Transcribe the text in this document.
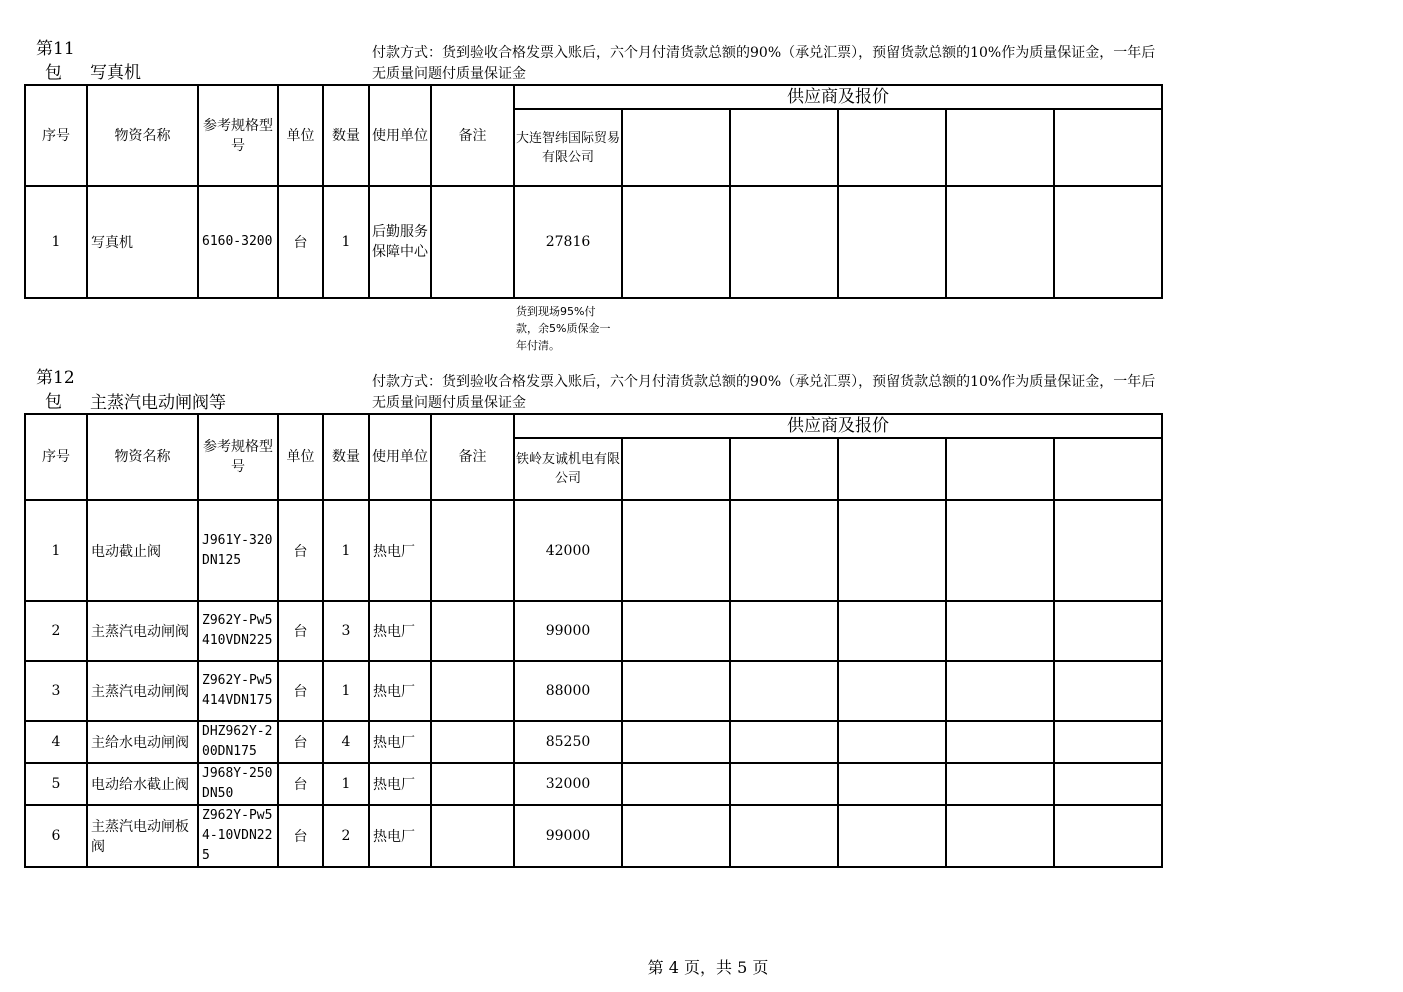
第11
包	写真机
付款方式：货到验收合格发票入账后，六个月付清货款总额的90%（承兑汇票），预留货款总额的10%作为质量保证金，一年后无质量问题付质量保证金
序号	物资名称	参考规格型号	单位	数量	使用单位	备注	供应商及报价					
							大连智纬国际贸易有限公司					
1	写真机	6160-3200	台	1	后勤服务保障中心		27816					
货到现场95%付款，余5%质保金一年付清。
第12
包	主蒸汽电动闸阀等
付款方式：货到验收合格发票入账后，六个月付清货款总额的90%（承兑汇票），预留货款总额的10%作为质量保证金，一年后无质量问题付质量保证金
序号	物资名称	参考规格型号	单位	数量	使用单位	备注	供应商及报价					
							铁岭友诚机电有限公司					
1	电动截止阀	J961Y-320DN125	台	1	热电厂		42000					
2	主蒸汽电动闸阀	Z962Y-Pw5410VDN225	台	3	热电厂		99000					
3	主蒸汽电动闸阀	Z962Y-Pw5414VDN175	台	1	热电厂		88000					
4	主给水电动闸阀	DHZ962Y-200DN175	台	4	热电厂		85250					
5	电动给水截止阀	J968Y-250DN50	台	1	热电厂		32000					
6	主蒸汽电动闸板阀	Z962Y-Pw54-10VDN225	台	2	热电厂		99000					
第 4 页，共 5 页
